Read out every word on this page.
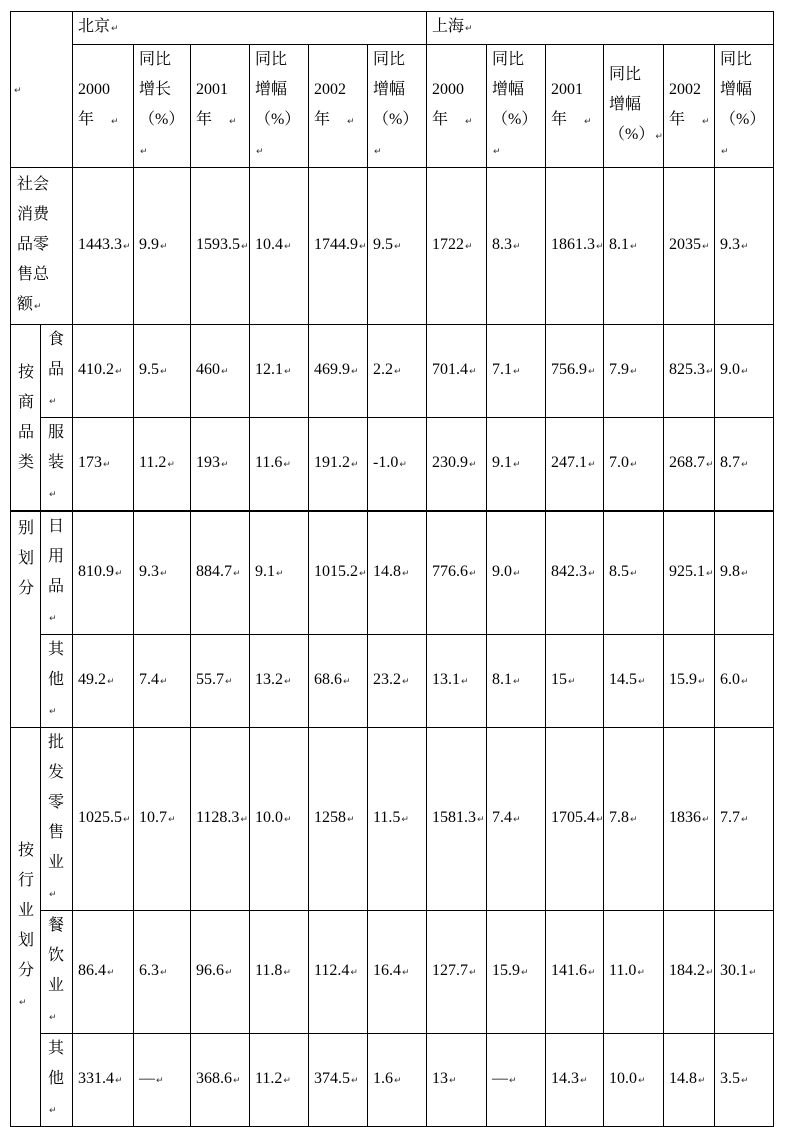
↵	北京 ↵						上海 ↵
		2000年 ↵	同比增长（%） ↵	2001年 ↵	同比增幅（%） ↵	2002年 ↵	同比增幅（%） ↵	2000年 ↵	同比增幅（%） ↵	2001年 ↵	同比增幅（%） ↵	2002年 ↵	同比增幅（%） ↵
社会消费品零售总额 ↵		1443.3 ↵	9.9 ↵	1593.5 ↵	10.4 ↵	1744.9 ↵	9.5 ↵	1722 ↵	8.3 ↵	1861.3 ↵	8.1 ↵	2035 ↵	9.3 ↵
按商品类	食品 ↵	410.2 ↵	9.5 ↵	460 ↵	12.1 ↵	469.9 ↵	2.2 ↵	701.4 ↵	7.1 ↵	756.9 ↵	7.9 ↵	825.3 ↵	9.0 ↵
	服装 ↵	173 ↵	11.2 ↵	193 ↵	11.6 ↵	191.2 ↵	-1.0 ↵	230.9 ↵	9.1 ↵	247.1 ↵	7.0 ↵	268.7 ↵	8.7 ↵
别划分	日用品 ↵	810.9 ↵	9.3 ↵	884.7 ↵	9.1 ↵	1015.2 ↵	14.8 ↵	776.6 ↵	9.0 ↵	842.3 ↵	8.5 ↵	925.1 ↵	9.8 ↵
	其他 ↵	49.2 ↵	7.4 ↵	55.7 ↵	13.2 ↵	68.6 ↵	23.2 ↵	13.1 ↵	8.1 ↵	15 ↵	14.5 ↵	15.9 ↵	6.0 ↵
按行业划分 ↵	批发零售业 ↵	1025.5 ↵	10.7 ↵	1128.3 ↵	10.0 ↵	1258 ↵	11.5 ↵	1581.3 ↵	7.4 ↵	1705.4 ↵	7.8 ↵	1836 ↵	7.7 ↵
	餐饮业 ↵	86.4 ↵	6.3 ↵	96.6 ↵	11.8 ↵	112.4 ↵	16.4 ↵	127.7 ↵	15.9 ↵	141.6 ↵	11.0 ↵	184.2 ↵	30.1 ↵
	其他 ↵	331.4 ↵	— ↵	368.6 ↵	11.2 ↵	374.5 ↵	1.6 ↵	13 ↵	— ↵	14.3 ↵	10.0 ↵	14.8 ↵	3.5 ↵
